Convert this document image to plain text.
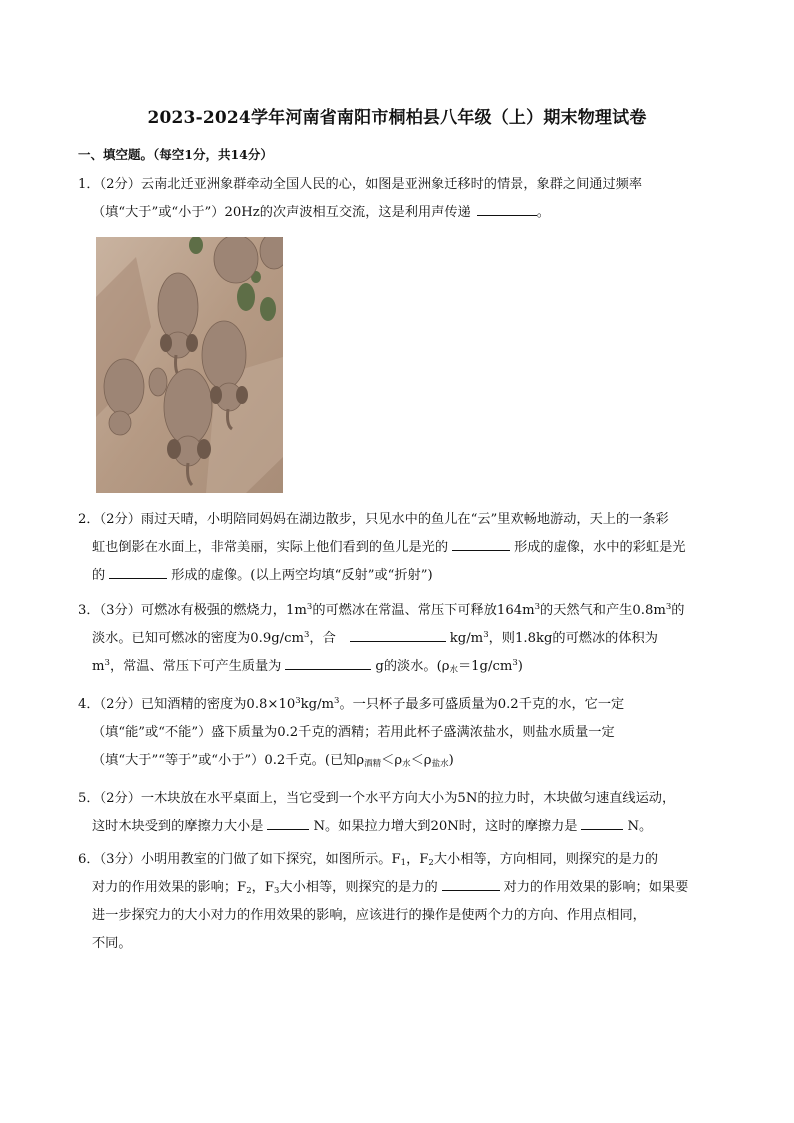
2023-2024学年河南省南阳市桐柏县八年级（上）期末物理试卷
一、填空题。（每空1分，共14分）

1．（2分）云南北迁亚洲象群牵动全国人民的心，如图是亚洲象迁移时的情景，象群之间通过频率

（填“大于”或“小于”）20Hz的次声波相互交流，这是利用声传递	。

2．（2分）雨过天晴，小明陪同妈妈在湖边散步，只见水中的鱼儿在“云”里欢畅地游动，天上的一条彩

虹也倒影在水面上，非常美丽，实际上他们看到的鱼儿是光的	形成的虚像，水中的彩虹是光

的	形成的虚像。(以上两空均填“反射”或“折射”)

3．（3分）可燃冰有极强的燃烧力，$1m^3$的可燃冰在常温、常压下可释放$164m^3$的天然气和产生$0.8m^3$的

淡水。已知可燃冰的密度为$0.9g/cm^3$，合	$kg/m^3$，则1.8kg的可燃冰的体积为

$m^3$，常温、常压下可产生质量为	g的淡水。$(\rho_水=1g/cm^3)$

4．（2分）已知酒精的密度为$0.8\times 10^3kg/m^3$。一只杯子最多可盛质量为0.2千克的水，它一定

（填“能”或“不能”）盛下质量为0.2千克的酒精；若用此杯子盛满浓盐水，则盐水质量一定

（填“大于”“等于”或“小于”）0.2千克。(已知$\rho_{酒精}<\rho_水<\rho_{盐水}$)

5．（2分）一木块放在水平桌面上，当它受到一个水平方向大小为5N的拉力时，木块做匀速直线运动，

这时木块受到的摩擦力大小是	N。如果拉力增大到20N时，这时的摩擦力是	N。

6．（3分）小明用教室的门做了如下探究，如图所示。$F_1$，$F_2$大小相等，方向相同，则探究的是力的

对力的作用效果的影响；$F_2$，$F_3$大小相等，则探究的是力的	对力的作用效果的影响；如果要

进一步探究力的大小对力的作用效果的影响，应该进行的操作是使两个力的方向、作用点相同，

不同。
